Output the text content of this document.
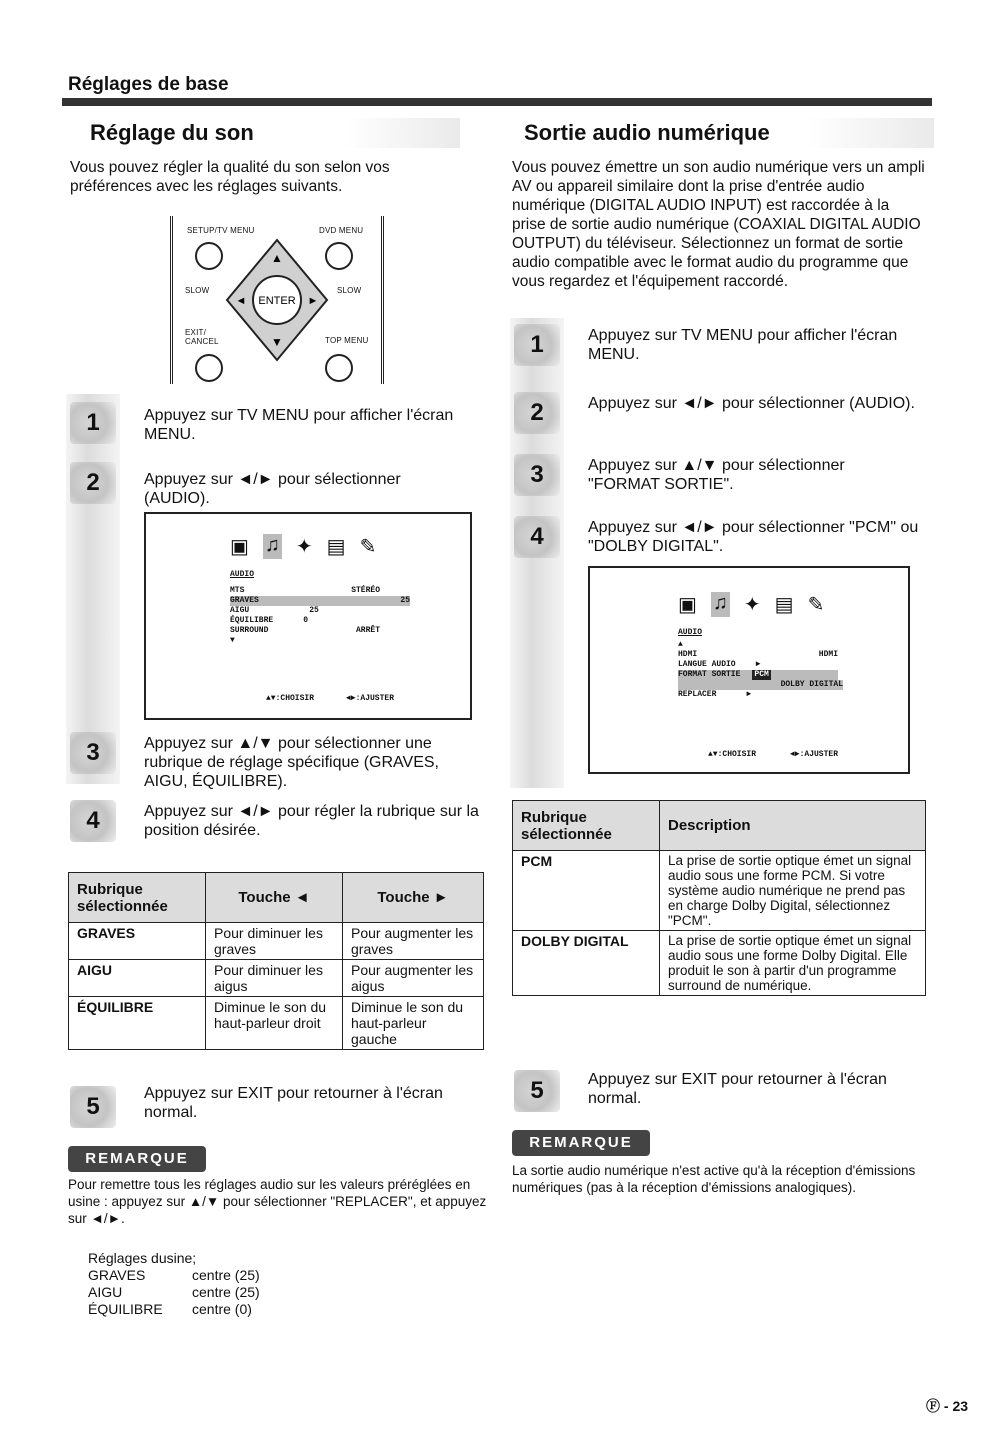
Réglages de base
Réglage du son
Vous pouvez régler la qualité du son selon vos préférences avec les réglages suivants.
SETUP/TV MENU	DVD MENU
ENTER
▲
▼
◄	►
SLOW	SLOW
EXIT/ CANCEL	TOP MENU
1	Appuyez sur TV MENU pour afficher l'écran MENU.
2	Appuyez sur ◄/► pour sélectionner (AUDIO).
▣ ♫ ✦ ▤ ✎
AUDIO
MTS	STÉRÉO
GRAVES	25
AIGU	25
ÉQUILIBRE	0
SURROUND	ARRÊT
▼
▲▼:CHOISIR	◄►:AJUSTER
3	Appuyez sur ▲/▼ pour sélectionner une rubrique de réglage spécifique (GRAVES, AIGU, ÉQUILIBRE).
4	Appuyez sur ◄/► pour régler la rubrique sur la position désirée.
Rubrique sélectionnée	Touche ◄	Touche ►
GRAVES	Pour diminuer les graves	Pour augmenter les graves
AIGU	Pour diminuer les aigus	Pour augmenter les aigus
ÉQUILIBRE	Diminue le son du haut-parleur droit	Diminue le son du haut-parleur gauche
5	Appuyez sur EXIT pour retourner à l'écran normal.
REMARQUE
Pour remettre tous les réglages audio sur les valeurs préréglées en usine : appuyez sur ▲/▼ pour sélectionner "REPLACER", et appuyez sur ◄/►.
Réglages dusine;
GRAVES	centre (25)
AIGU	centre (25)
ÉQUILIBRE	centre (0)
Sortie audio numérique
Vous pouvez émettre un son audio numérique vers un ampli AV ou appareil similaire dont la prise d'entrée audio numérique (DIGITAL AUDIO INPUT) est raccordée à la prise de sortie audio numérique (COAXIAL DIGITAL AUDIO OUTPUT) du téléviseur. Sélectionnez un format de sortie audio compatible avec le format audio du programme que vous regardez et l'équipement raccordé.
1	Appuyez sur TV MENU pour afficher l'écran MENU.
2	Appuyez sur ◄/► pour sélectionner (AUDIO).
3	Appuyez sur ▲/▼ pour sélectionner "FORMAT SORTIE".
4	Appuyez sur ◄/► pour sélectionner "PCM" ou "DOLBY DIGITAL".
▣ ♫ ✦ ▤ ✎
AUDIO
▲
HDMI	HDMI
LANGUE AUDIO	►
FORMAT SORTIE PCM
DOLBY DIGITAL
REPLACER	►
▲▼:CHOISIR	◄►:AJUSTER
Rubrique sélectionnée	Description
PCM	La prise de sortie optique émet un signal audio sous une forme PCM. Si votre système audio numérique ne prend pas en charge Dolby Digital, sélectionnez "PCM".
DOLBY DIGITAL	La prise de sortie optique émet un signal audio sous une forme Dolby Digital. Elle produit le son à partir d'un programme surround de numérique.
5	Appuyez sur EXIT pour retourner à l'écran normal.
REMARQUE
La sortie audio numérique n'est active qu'à la réception d'émissions numériques (pas à la réception d'émissions analogiques).
Ⓕ - 23
